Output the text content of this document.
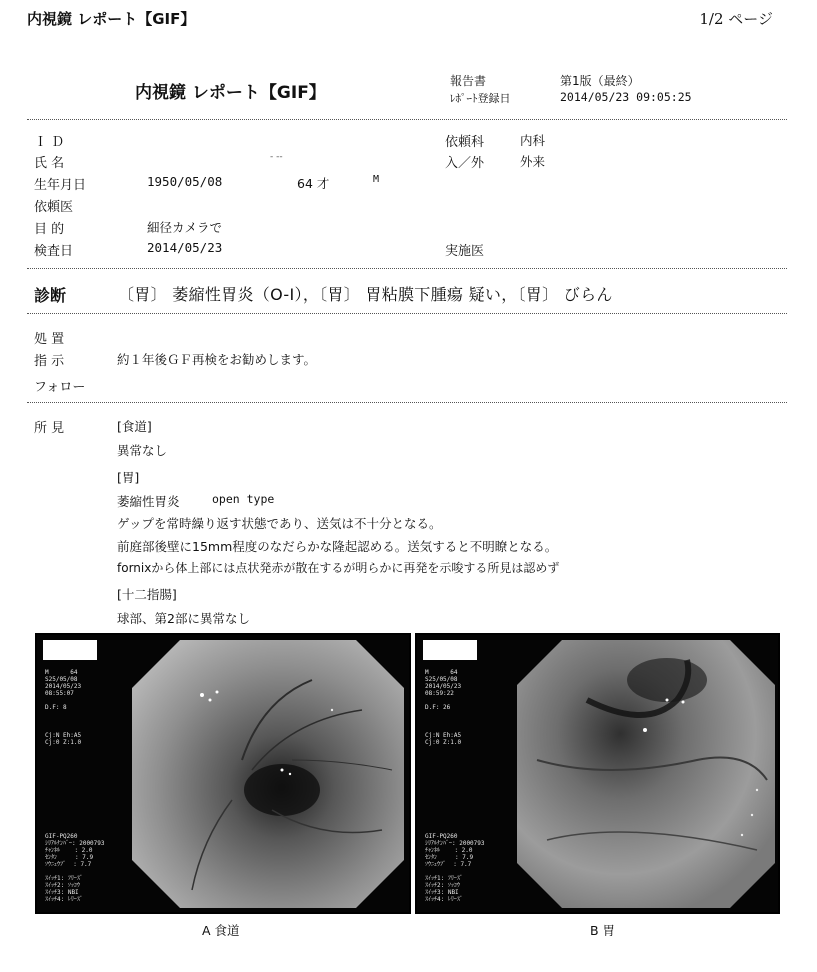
内視鏡 レポート【GIF】	1/2 ページ
内視鏡 レポート【GIF】
報告書	第1版（最終）
ﾚﾎﾟｰﾄ登録日	2014/05/23 09:05:25
Ｉ Ｄ
氏 名	- --
生年月日	1950/05/08	64 才	M
依頼医
目 的	細径カメラで
検査日	2014/05/23
依頼科	内科
入／外	外来
実施医
診断	〔胃〕 萎縮性胃炎（O-Ⅰ），〔胃〕 胃粘膜下腫瘍 疑い，〔胃〕 びらん
処 置
指 示	約１年後ＧＦ再検をお勧めします。
フォロー
所 見	[食道]
異常なし
[胃]
萎縮性胃炎	open type
ゲップを常時繰り返す状態であり、送気は不十分となる。
前庭部後壁に15mm程度のなだらかな隆起認める。送気すると不明瞭となる。
fornixから体上部には点状発赤が散在するが明らかに再発を示唆する所見は認めず
[十二指腸]
球部、第2部に異常なし
M      64
S25/05/08
2014/05/23
08:55:07

D.F: 8

Cj:N Eh:A5
Cj:0 Z:1.0
GIF-PQ260
ｼﾘｱﾙﾅﾝﾊﾞｰ: 2000793
ﾁｬﾝﾈﾙ    : 2.0
ｾﾝﾀﾝ     : 7.9
ｿｳﾆｭｳﾌﾞ  : 7.7

ｽｲｯﾁ1: ﾌﾘｰｽﾞ
ｽｲｯﾁ2: ｿｯｺｳ
ｽｲｯﾁ3: NBI
ｽｲｯﾁ4: ﾚﾘｰｽﾞ
A 食道
M      64
S25/05/08
2014/05/23
08:59:22

D.F: 26

Cj:N Eh:A5
Cj:0 Z:1.0
GIF-PQ260
ｼﾘｱﾙﾅﾝﾊﾞｰ: 2000793
ﾁｬﾝﾈﾙ    : 2.0
ｾﾝﾀﾝ     : 7.9
ｿｳﾆｭｳﾌﾞ  : 7.7

ｽｲｯﾁ1: ﾌﾘｰｽﾞ
ｽｲｯﾁ2: ｿｯｺｳ
ｽｲｯﾁ3: NBI
ｽｲｯﾁ4: ﾚﾘｰｽﾞ
B 胃
